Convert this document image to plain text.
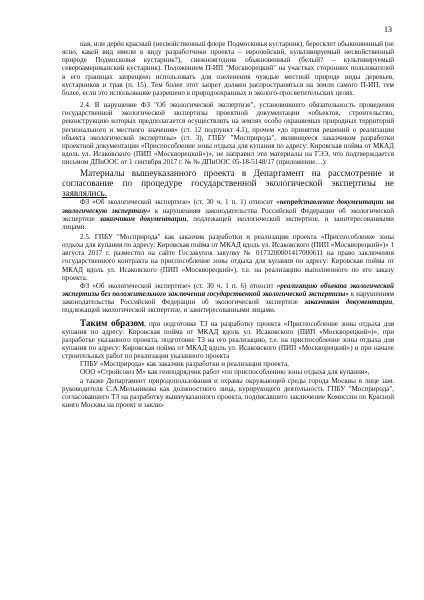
13

ная, или дерён красный (несвойственный флоре Подмосковья кустарник), бересклет обыкновенный (не ясно, какой вид имели в виду разработчики проекта – европейский, культивируемый несвойственный природе Подмосковья кустарник?), снежноягодник обыкновенный (белый? – культивируемый североамериканский кустарник). Положением П-ИП "Москворецкий" на участках сторонних пользователей в его границах запрещено использовать для озеленения чуждые местной природе виды деревьев, кустарников и трав (п. 15). Тем более этот запрет должен распространяться на земли самого П-ИП, тем более, если это испольование разрешено в природоохранных и эколого-просветительских целях.

2.4. В нарушение ФЗ "Об экологической экспертизе", установившего обязательность проведения государственной экологической экспертизы проектной документации «объектов, строительство, реконструкцию которых предполагается осуществлять на землях особо охраняемых природных территорий регионального и местного значения» (ст. 12 подпункт 4.1), прочем «до принятия решений о реализации объекта экологической экспертизы» (ст. 3), ГПБУ "Мосприрода", являющееся заказчиком разработки проектной документации «Приспособление зоны отдыха для купания по адресу: Кировская пойма от МКАД вдоль ул. Исаковского (ПИП «Москворецкий»)», не направил эти материалы на ГЭЭ, что подтверждается письмом ДПиООС от 1 сентября 2017 г. № № ДПиООС 05-18-5148/17 (приложение…):

Материалы вышеуказанного проекта в Департамент на рассмотрение и согласование по процедуре государственной экологической экспертизы не заявлялись.

ФЗ «Об экологической экспертизе» (ст. 30 ч. 1 п. 1) относит «непредставление документации на экологическую экспертизу» к нарушениям законодательства Российской Федерации об экологической экспертизе заказчиком документации, подлежащей экологической экспертизе, и заинтересованными лицами.

2.5. ГПБУ "Мосприрода" как заказчик разработки и реализации проекта «Приспособление зоны отдыха для купания по адресу: Кировская пойма от МКАД вдоль ул. Исаковского (ПИП «Москворецкий»)» 1 августа 2017 г. разместил на сайте Госзакупок закупку № 0173200001417000611 на право заключения государственного контракта на приспособление зоны отдыха для купания по адресу: Кировская пойма от МКАД вдоль ул. Исаковского (ПИП «Москворецкий»), т.е. на реализацию выполненного по его заказу проекта.

ФЗ «Об экологической экспертизе» (ст. 30 ч. 1 п. 6) относит «реализацию объекта экологической экспертизы без положительного заключения государственной экологической экспертизы» к нарушениям законодательства Российской Федерации об экологической экспертизе заказчиком документации, подлежащей экологической экспертизе, и заинтересованными лицами.

Таким образом, при подготовке ТЗ на разработку проекта «Приспособление зоны отдыха для купания по адресу: Кировская пойма от МКАД вдоль ул. Исаковского (ПИП «Москворецкий»)», при разработке указанного проекта, подготовке ТЗ на его реализацию, т.е. на приспособление зоны отдыха для купания по адресу: Кировская пойма от МКАД вдоль ул. Исаковского (ПИП «Москворецкий») и при начале строительных работ по реализации указанного проекта

ГПБУ «Мосприрода» как заказчик разработки и реализации проекта,

ООО «Стройсоюз М» как генподрядчик работ «по приспособлению зоны отдыха для купания»,

а также Департамент природопользования и охраны окружающей среды города Москвы в лице зам. руководителя С.А.Мельникова как должностного лица, курирующего деятельность ГПБУ "Мосприрода", согласовавшего ТЗ на разработку вышеуказанного проекта, подписавшего заключение Комиссии по Красной книге Москвы на проект и заклю-
